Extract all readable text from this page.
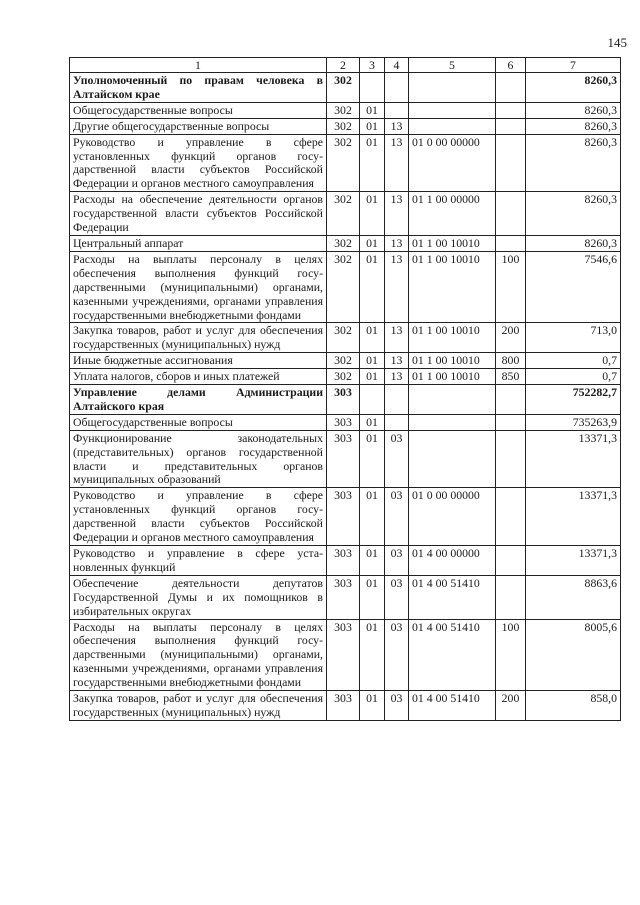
145
1	2	3	4	5	6	7
Уполномоченный по правам человека в Алтайском крае	302					8260,3
Общегосударственные вопросы	302	01				8260,3
Другие общегосударственные вопросы	302	01	13			8260,3
Руководство и управление в сфере установленных функций органов государственной власти субъектов Российской Федерации и органов местного самоуправления	302	01	13	01 0 00 00000		8260,3
Расходы на обеспечение деятельности органов государственной власти субъектов Российской Федерации	302	01	13	01 1 00 00000		8260,3
Центральный аппарат	302	01	13	01 1 00 10010		8260,3
Расходы на выплаты персоналу в целях обеспечения выполнения функций государственными (муниципальными) органами, казенными учреждениями, органами управления государственными внебюджетными фондами	302	01	13	01 1 00 10010	100	7546,6
Закупка товаров, работ и услуг для обеспечения государственных (муниципальных) нужд	302	01	13	01 1 00 10010	200	713,0
Иные бюджетные ассигнования	302	01	13	01 1 00 10010	800	0,7
Уплата налогов, сборов и иных платежей	302	01	13	01 1 00 10010	850	0,7
Управление делами Администрации Алтайского края	303					752282,7
Общегосударственные вопросы	303	01				735263,9
Функционирование законодательных (представительных) органов государственной власти и представительных органов муниципальных образований	303	01	03			13371,3
Руководство и управление в сфере установленных функций органов государственной власти субъектов Российской Федерации и органов местного самоуправления	303	01	03	01 0 00 00000		13371,3
Руководство и управление в сфере установленных функций	303	01	03	01 4 00 00000		13371,3
Обеспечение деятельности депутатов Государственной Думы и их помощников в избирательных округах	303	01	03	01 4 00 51410		8863,6
Расходы на выплаты персоналу в целях обеспечения выполнения функций государственными (муниципальными) органами, казенными учреждениями, органами управления государственными внебюджетными фондами	303	01	03	01 4 00 51410	100	8005,6
Закупка товаров, работ и услуг для обеспечения государственных (муниципальных) нужд	303	01	03	01 4 00 51410	200	858,0
